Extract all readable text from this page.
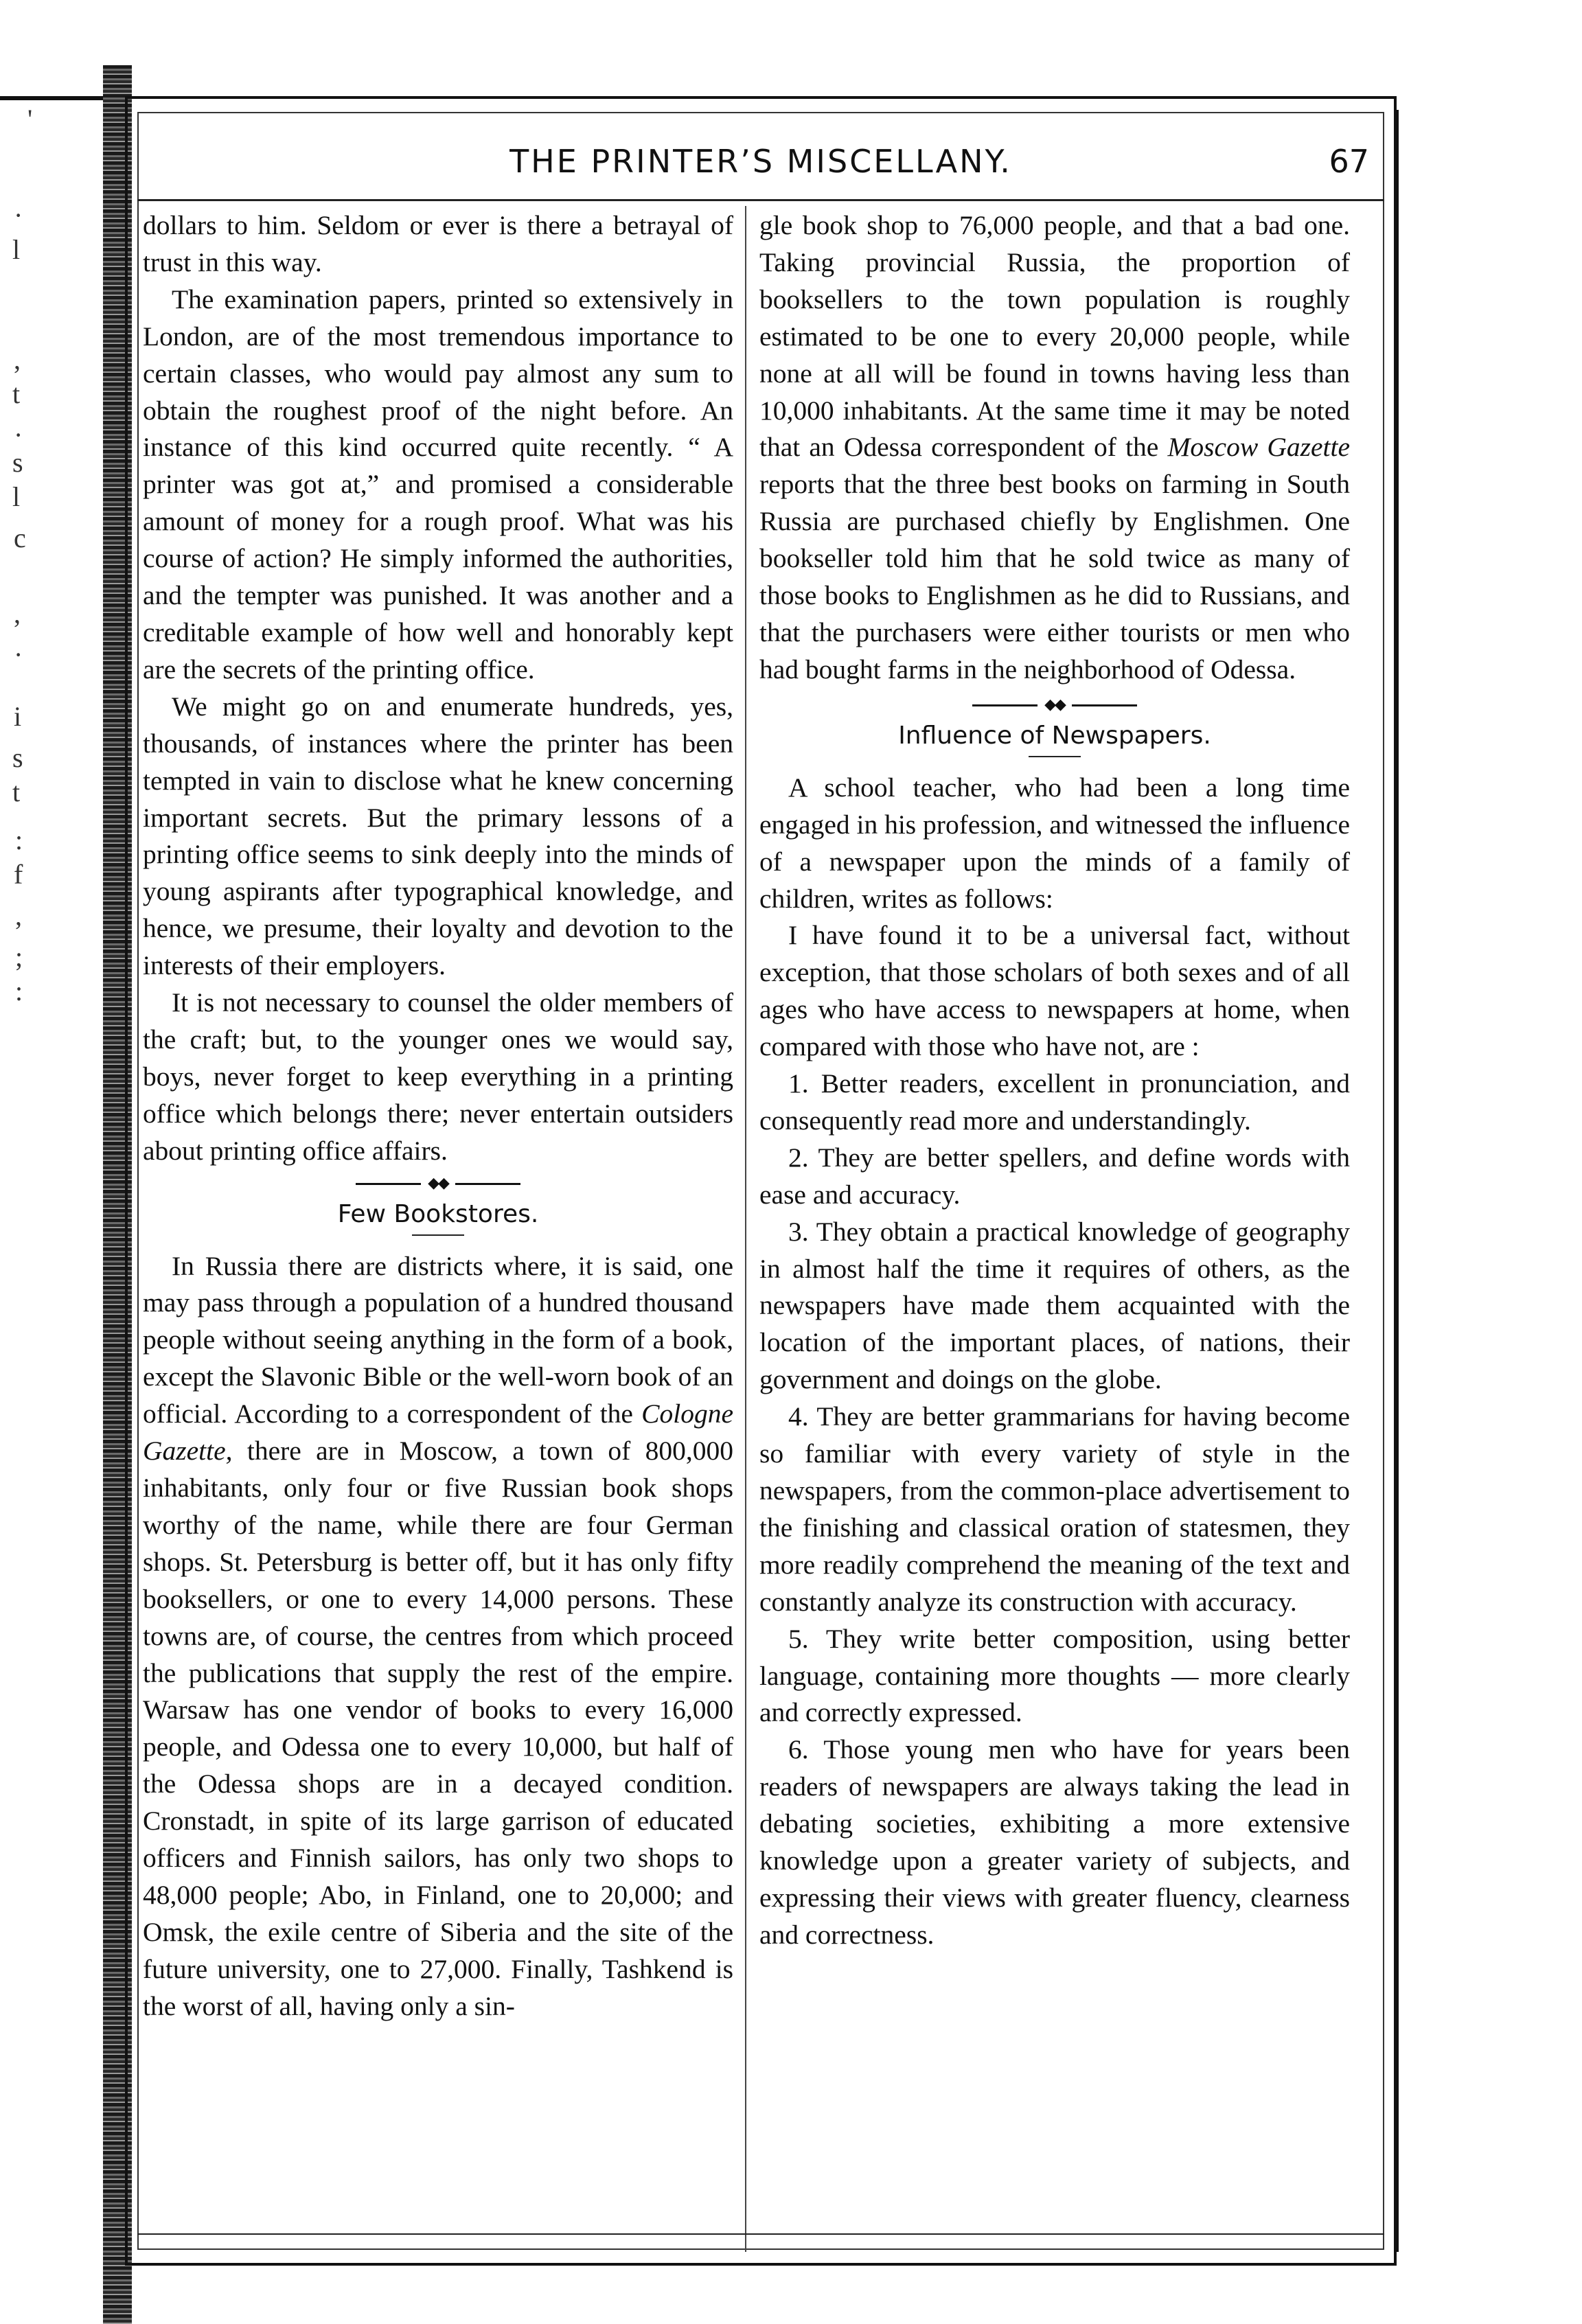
'
·
l
,
t
·
s
l
c
,
·
i
s
t
:
f
,
;
:
THE PRINTER’S MISCELLANY.	67

dollars to him. Seldom or ever is there a betrayal of trust in this way.

The examination papers, printed so extensively in London, are of the most tremendous importance to certain classes, who would pay almost any sum to obtain the roughest proof of the night before. An instance of this kind occurred quite recently. “ A printer was got at,” and promised a considerable amount of money for a rough proof. What was his course of action? He simply informed the authorities, and the tempter was punished. It was another and a creditable example of how well and honorably kept are the secrets of the printing office.

We might go on and enumerate hundreds, yes, thousands, of instances where the printer has been tempted in vain to disclose what he knew concerning important secrets. But the primary lessons of a printing office seems to sink deeply into the minds of young aspirants after typographical knowledge, and hence, we presume, their loyalty and devotion to the interests of their employers.

It is not necessary to counsel the older members of the craft; but, to the younger ones we would say, boys, never forget to keep everything in a printing office which belongs there; never entertain outsiders about printing office affairs.

◆◆
Few Bookstores.

In Russia there are districts where, it is said, one may pass through a population of a hundred thousand people without seeing anything in the form of a book, except the Slavonic Bible or the well-worn book of an official. According to a correspondent of the Cologne Gazette, there are in Moscow, a town of 800,000 inhabitants, only four or five Russian book shops worthy of the name, while there are four German shops. St. Petersburg is better off, but it has only fifty booksellers, or one to every 14,000 persons. These towns are, of course, the centres from which proceed the publications that supply the rest of the empire. Warsaw has one vendor of books to every 16,000 people, and Odessa one to every 10,000, but half of the Odessa shops are in a decayed condition. Cronstadt, in spite of its large garrison of educated officers and Finnish sailors, has only two shops to 48,000 people; Abo, in Finland, one to 20,000; and Omsk, the exile centre of Siberia and the site of the future university, one to 27,000. Finally, Tashkend is the worst of all, having only a sin-

gle book shop to 76,000 people, and that a bad one. Taking provincial Russia, the proportion of booksellers to the town population is roughly estimated to be one to every 20,000 people, while none at all will be found in towns having less than 10,000 inhabitants. At the same time it may be noted that an Odessa correspondent of the Moscow Gazette reports that the three best books on farming in South Russia are purchased chiefly by Englishmen. One bookseller told him that he sold twice as many of those books to Englishmen as he did to Russians, and that the purchasers were either tourists or men who had bought farms in the neighborhood of Odessa.

◆◆
Influence of Newspapers.

A school teacher, who had been a long time engaged in his profession, and witnessed the influence of a newspaper upon the minds of a family of children, writes as follows:

I have found it to be a universal fact, without exception, that those scholars of both sexes and of all ages who have access to newspapers at home, when compared with those who have not, are :

1. Better readers, excellent in pronunciation, and consequently read more and understandingly.

2. They are better spellers, and define words with ease and accuracy.

3. They obtain a practical knowledge of geography in almost half the time it requires of others, as the newspapers have made them acquainted with the location of the important places, of nations, their government and doings on the globe.

4. They are better grammarians for having become so familiar with every variety of style in the newspapers, from the common-place advertisement to the finishing and classical oration of statesmen, they more readily comprehend the meaning of the text and constantly analyze its construction with accuracy.

5. They write better composition, using better language, containing more thoughts — more clearly and correctly expressed.

6. Those young men who have for years been readers of newspapers are always taking the lead in debating societies, exhibiting a more extensive knowledge upon a greater variety of subjects, and expressing their views with greater fluency, clearness and correctness.
